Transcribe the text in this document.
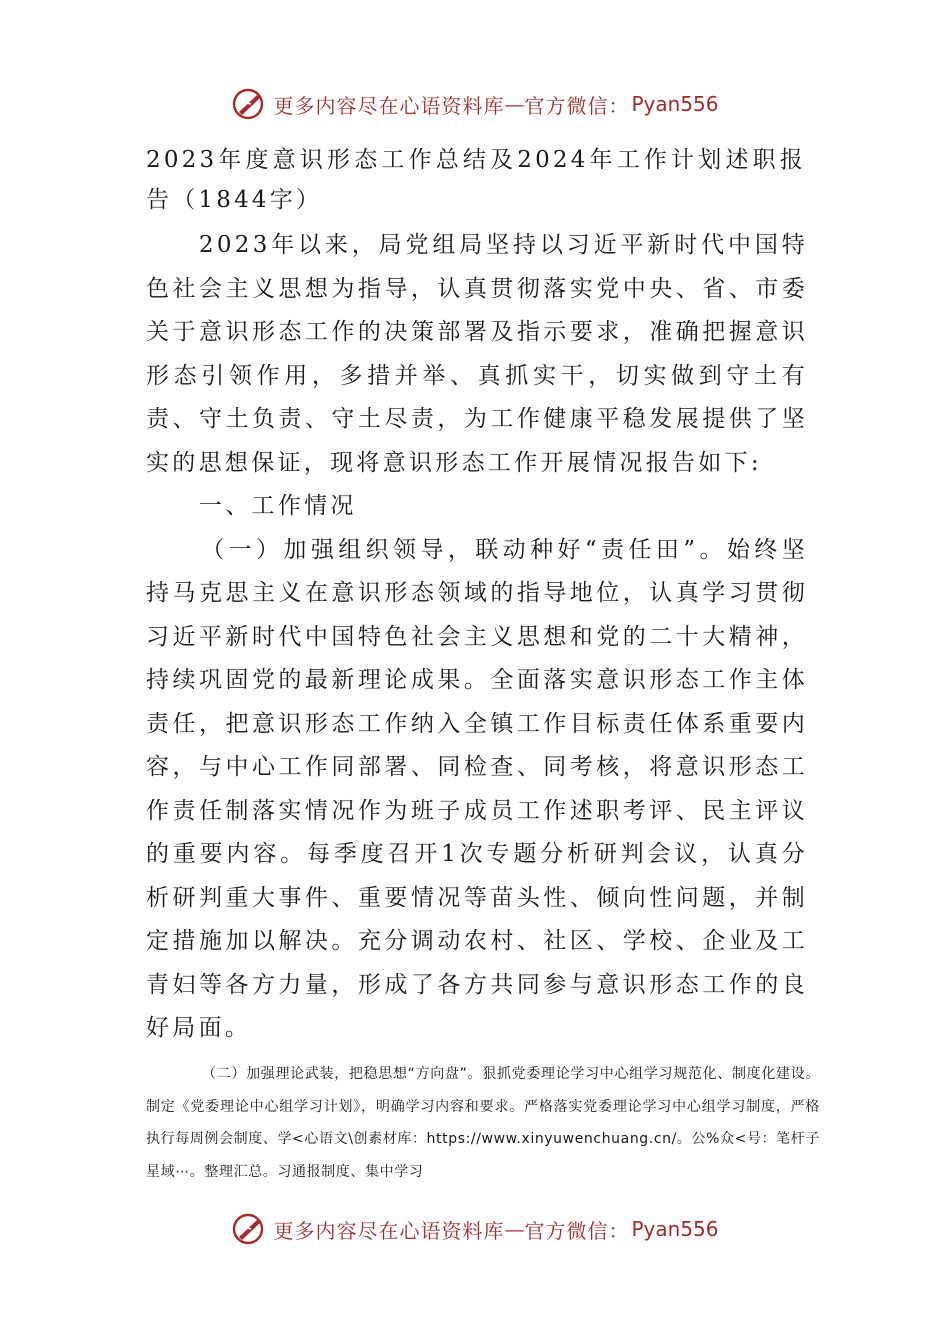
更多内容尽在心语资料库 — 官方微信： Pyan556
2023年度意识形态工作总结及2024年工作计划述职报告（1844字）

2023年以来，局党组局坚持以习近平新时代中国特色社会主义思想为指导，认真贯彻落实党中央、省、市委关于意识形态工作的决策部署及指示要求，准确把握意识形态引领作用，多措并举、真抓实干，切实做到守土有责、守土负责、守土尽责，为工作健康平稳发展提供了坚实的思想保证，现将意识形态工作开展情况报告如下:

一、工作情况

（一）加强组织领导，联动种好“责任田”。始终坚持马克思主义在意识形态领域的指导地位，认真学习贯彻习近平新时代中国特色社会主义思想和党的二十大精神，持续巩固党的最新理论成果。全面落实意识形态工作主体责任，把意识形态工作纳入全镇工作目标责任体系重要内容，与中心工作同部署、同检查、同考核，将意识形态工作责任制落实情况作为班子成员工作述职考评、民主评议的重要内容。每季度召开1次专题分析研判会议，认真分析研判重大事件、重要情况等苗头性、倾向性问题，并制定措施加以解决。充分调动农村、社区、学校、企业及工青妇等各方力量，形成了各方共同参与意识形态工作的良好局面。

（二）加强理论武装，把稳思想“方向盘”。狠抓党委理论学习中心组学习规范化、制度化建设。制定《党委理论中心组学习计划》，明确学习内容和要求。严格落实党委理论学习中心组学习制度，严格执行每周例会制度、学<心语文\创素材库：https://www.xinyuwenchuang.cn/。公%众<号：笔杆子星域⋯。整理汇总。习通报制度、集中学习

更多内容尽在心语资料库 — 官方微信： Pyan556
